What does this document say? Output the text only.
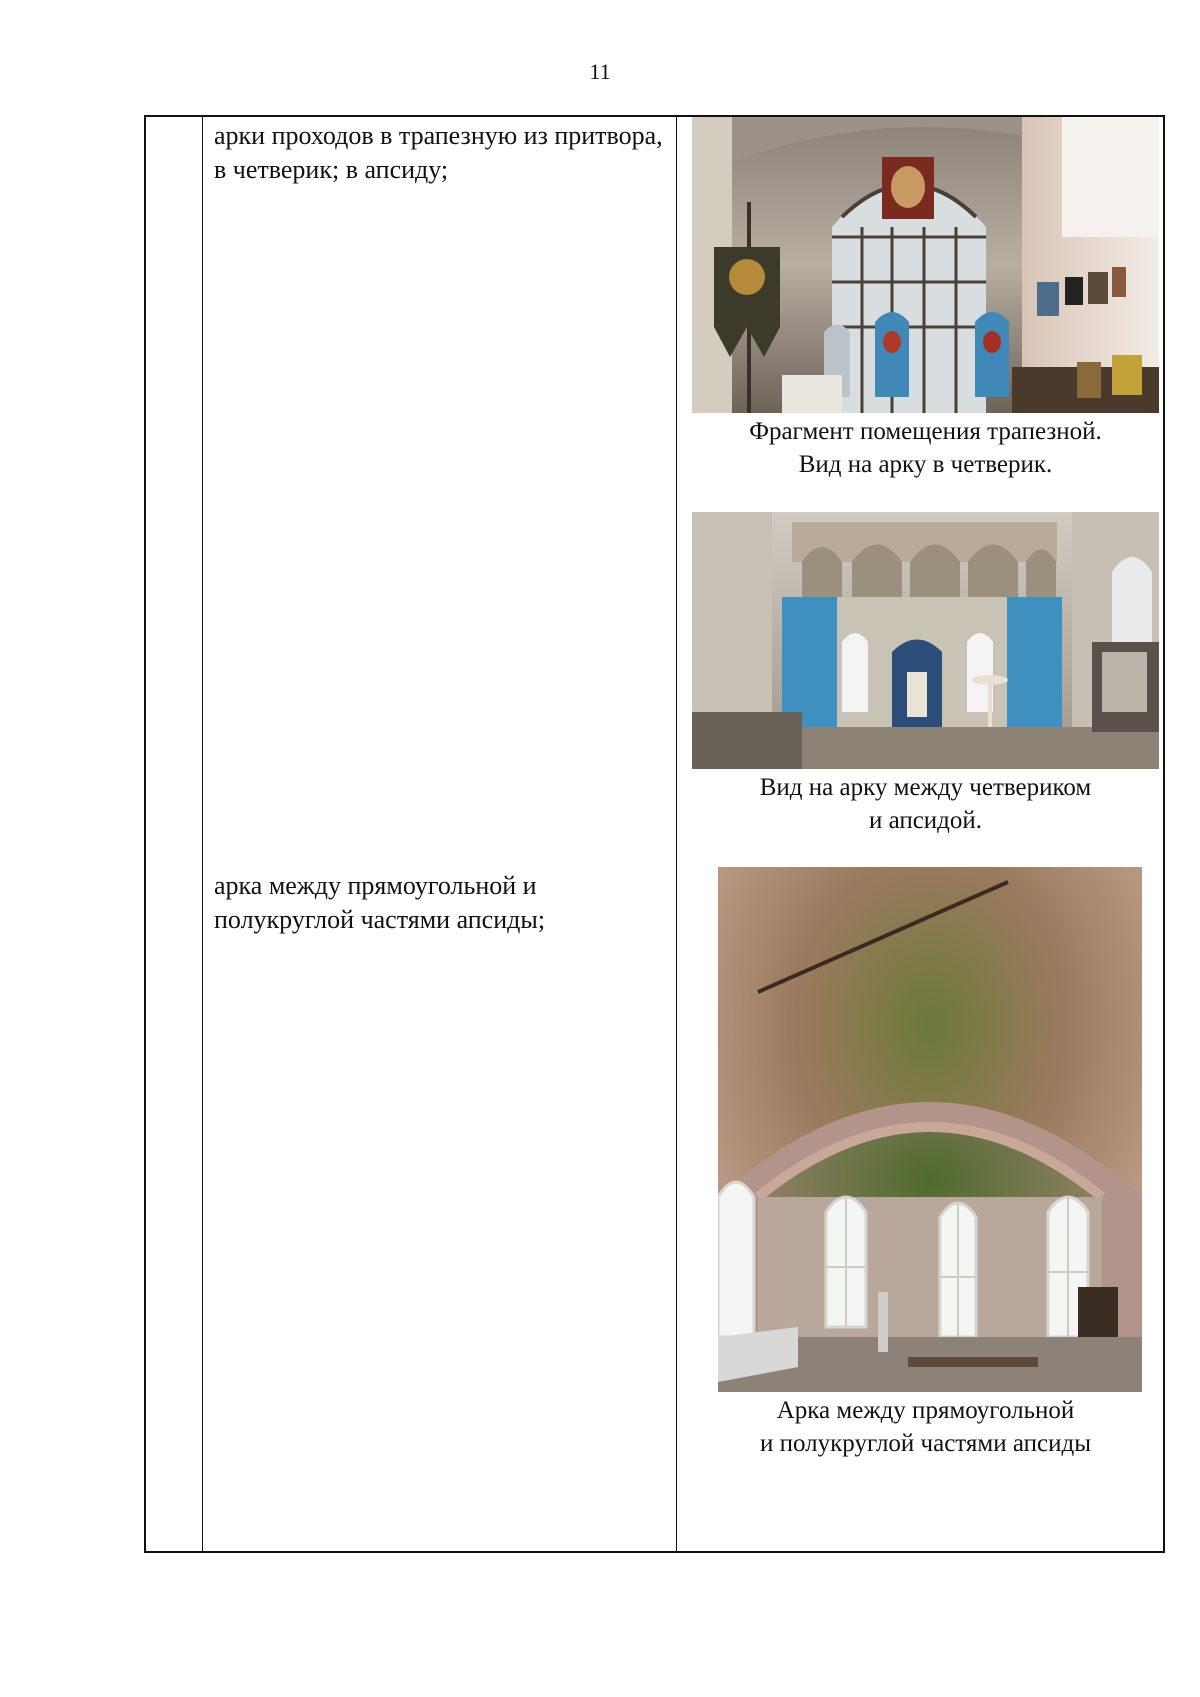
11
арки проходов в трапезную из притвора, в четверик; в апсиду;
арка между прямоугольной и полукруглой частями апсиды;
Фрагмент помещения трапезной.
Вид на арку в четверик.
Вид на арку между четвериком
и апсидой.
Арка между прямоугольной
и полукруглой частями апсиды
